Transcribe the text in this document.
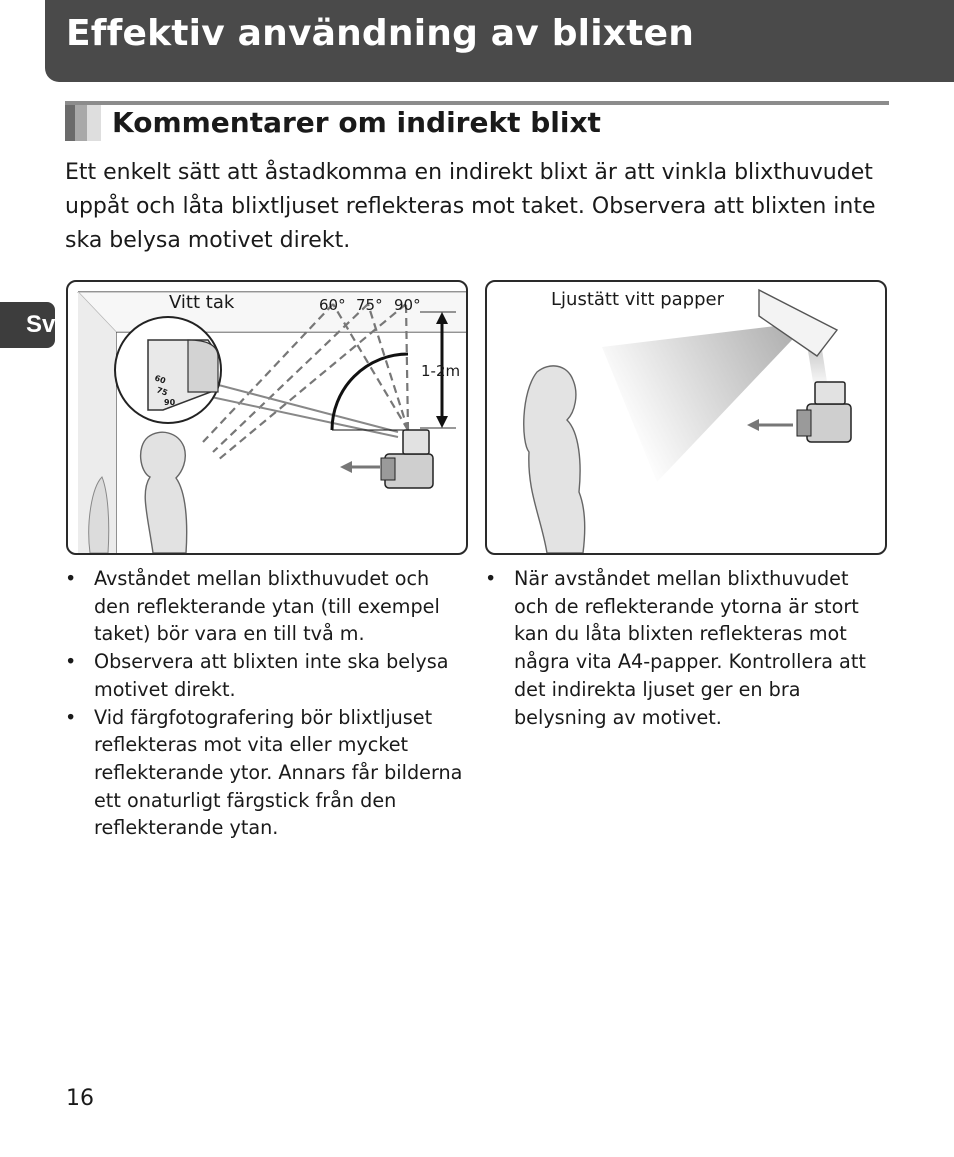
Effektiv användning av blixten
Kommentarer om indirekt blixt

Ett enkelt sätt att åstadkomma en indirekt blixt är att vinkla blixthuvudet uppåt och låta blixtljuset reflekteras mot taket. Observera att blixten inte ska belysa motivet direkt.

Sv
60
75
90
Vitt tak	60° 75° 90°
1-2m
Ljustätt vitt papper
• Avståndet mellan blixthuvudet och den reflekterande ytan (till exempel taket) bör vara en till två m.
• Observera att blixten inte ska belysa motivet direkt.
• Vid färgfotografering bör blixtljuset reflekteras mot vita eller mycket reflekterande ytor. Annars får bilderna ett onaturligt färgstick från den reflekterande ytan.
• När avståndet mellan blixthuvudet och de reflekterande ytorna är stort kan du låta blixten reflekteras mot några vita A4-papper. Kontrollera att det indirekta ljuset ger en bra belysning av motivet.
16
